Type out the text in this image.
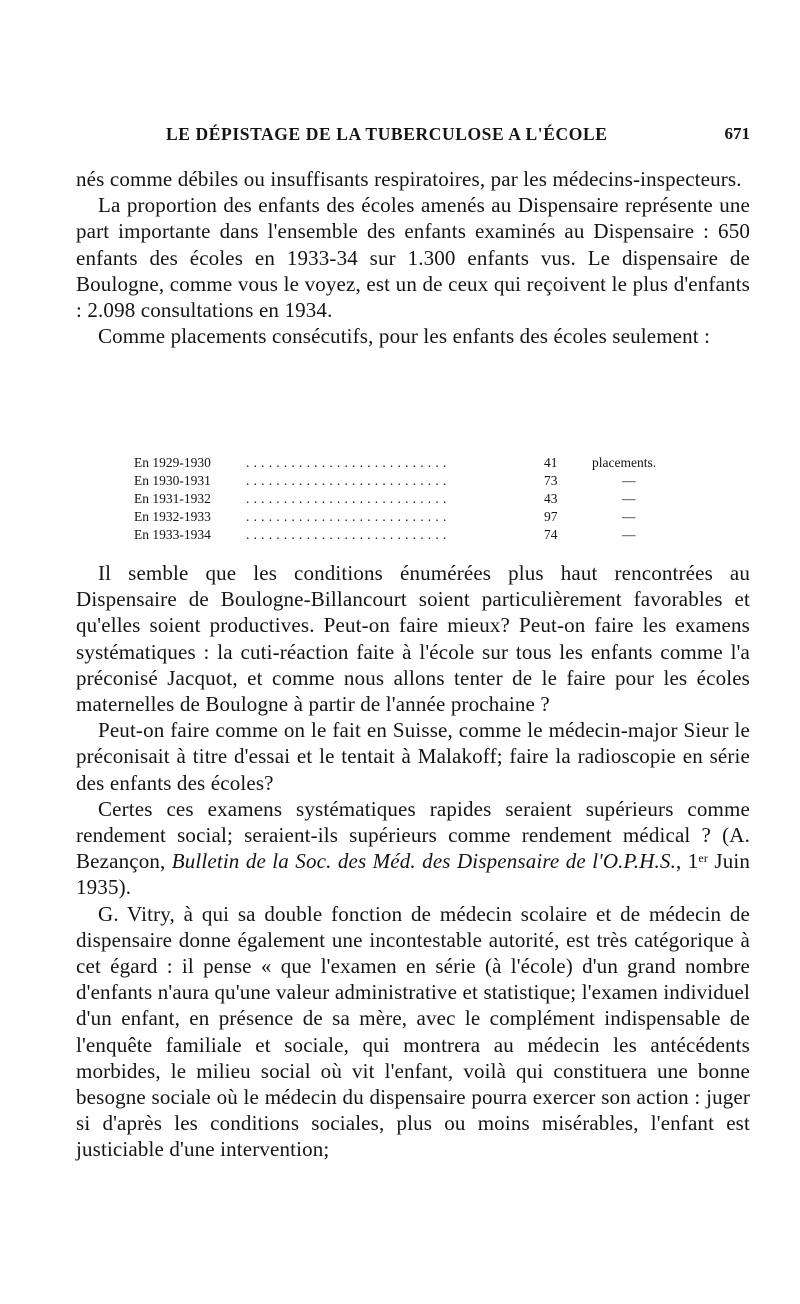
LE DÉPISTAGE DE LA TUBERCULOSE A L'ÉCOLE	671

nés comme débiles ou insuffisants respiratoires, par les médecins-inspecteurs.

La proportion des enfants des écoles amenés au Dispensaire représente une part importante dans l'ensemble des enfants examinés au Dispensaire : 650 enfants des écoles en 1933-34 sur 1.300 enfants vus. Le dispensaire de Boulogne, comme vous le voyez, est un de ceux qui reçoivent le plus d'enfants : 2.098 consultations en 1934.

Comme placements consécutifs, pour les enfants des écoles seulement :

En 1929-1930	...........................	41	placements.
En 1930-1931	...........................	73	—
En 1931-1932	...........................	43	—
En 1932-1933	...........................	97	—
En 1933-1934	...........................	74	—

Il semble que les conditions énumérées plus haut rencontrées au Dispensaire de Boulogne-Billancourt soient particulièrement favorables et qu'elles soient productives. Peut-on faire mieux? Peut-on faire les examens systématiques : la cuti-réaction faite à l'école sur tous les enfants comme l'a préconisé Jacquot, et comme nous allons tenter de le faire pour les écoles maternelles de Boulogne à partir de l'année prochaine ?

Peut-on faire comme on le fait en Suisse, comme le médecin-major Sieur le préconisait à titre d'essai et le tentait à Malakoff; faire la radioscopie en série des enfants des écoles?

Certes ces examens systématiques rapides seraient supérieurs comme rendement social; seraient-ils supérieurs comme rendement médical ? (A. Bezançon, Bulletin de la Soc. des Méd. des Dispensaire de l'O.P.H.S., 1er Juin 1935).

G. Vitry, à qui sa double fonction de médecin scolaire et de médecin de dispensaire donne également une incontestable autorité, est très catégorique à cet égard : il pense « que l'examen en série (à l'école) d'un grand nombre d'enfants n'aura qu'une valeur administrative et statistique; l'examen individuel d'un enfant, en présence de sa mère, avec le complément indispensable de l'enquête familiale et sociale, qui montrera au médecin les antécédents morbides, le milieu social où vit l'enfant, voilà qui constituera une bonne besogne sociale où le médecin du dispensaire pourra exercer son action : juger si d'après les conditions sociales, plus ou moins misérables, l'enfant est justiciable d'une intervention;
